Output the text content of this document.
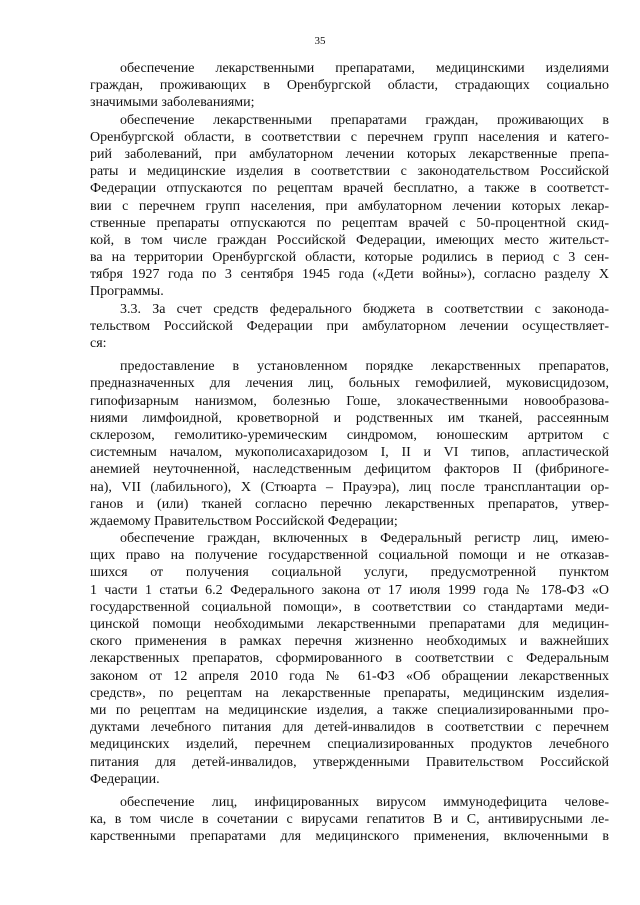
35
обеспечение лекарственными препаратами, медицинскими изделиями
граждан, проживающих в Оренбургской области, страдающих социально
значимыми заболеваниями;
обеспечение лекарственными препаратами граждан, проживающих в
Оренбургской области, в соответствии с перечнем групп населения и катего-
рий заболеваний, при амбулаторном лечении которых лекарственные препа-
раты и медицинские изделия в соответствии с законодательством Российской
Федерации отпускаются по рецептам врачей бесплатно, а также в соответст-
вии с перечнем групп населения, при амбулаторном лечении которых лекар-
ственные препараты отпускаются по рецептам врачей с 50-процентной скид-
кой, в том числе граждан Российской Федерации, имеющих место жительст-
ва на территории Оренбургской области, которые родились в период с 3 сен-
тября 1927 года по 3 сентября 1945 года («Дети войны»), согласно разделу X
Программы.
3.3. За счет средств федерального бюджета в соответствии с законода-
тельством Российской Федерации при амбулаторном лечении осуществляет-
ся:
предоставление в установленном порядке лекарственных препаратов,
предназначенных для лечения лиц, больных гемофилией, муковисцидозом,
гипофизарным нанизмом, болезнью Гоше, злокачественными новообразова-
ниями лимфоидной, кроветворной и родственных им тканей, рассеянным
склерозом, гемолитико-уремическим синдромом, юношеским артритом с
системным началом, мукополисахаридозом I, II и VI типов, апластической
анемией неуточненной, наследственным дефицитом факторов II (фибриноге-
на), VII (лабильного), X (Стюарта – Прауэра), лиц после трансплантации ор-
ганов и (или) тканей согласно перечню лекарственных препаратов, утвер-
ждаемому Правительством Российской Федерации;
обеспечение граждан, включенных в Федеральный регистр лиц, имею-
щих право на получение государственной социальной помощи и не отказав-
шихся от получения социальной услуги, предусмотренной пунктом
1 части 1 статьи 6.2 Федерального закона от 17 июля 1999 года № 178-ФЗ «О
государственной социальной помощи», в соответствии со стандартами меди-
цинской помощи необходимыми лекарственными препаратами для медицин-
ского применения в рамках перечня жизненно необходимых и важнейших
лекарственных препаратов, сформированного в соответствии с Федеральным
законом от 12 апреля 2010 года № 61-ФЗ «Об обращении лекарственных
средств», по рецептам на лекарственные препараты, медицинским изделия-
ми по рецептам на медицинские изделия, а также специализированными про-
дуктами лечебного питания для детей-инвалидов в соответствии с перечнем
медицинских изделий, перечнем специализированных продуктов лечебного
питания для детей-инвалидов, утвержденными Правительством Российской
Федерации.
обеспечение лиц, инфицированных вирусом иммунодефицита челове-
ка, в том числе в сочетании с вирусами гепатитов B и C, антивирусными ле-
карственными препаратами для медицинского применения, включенными в
